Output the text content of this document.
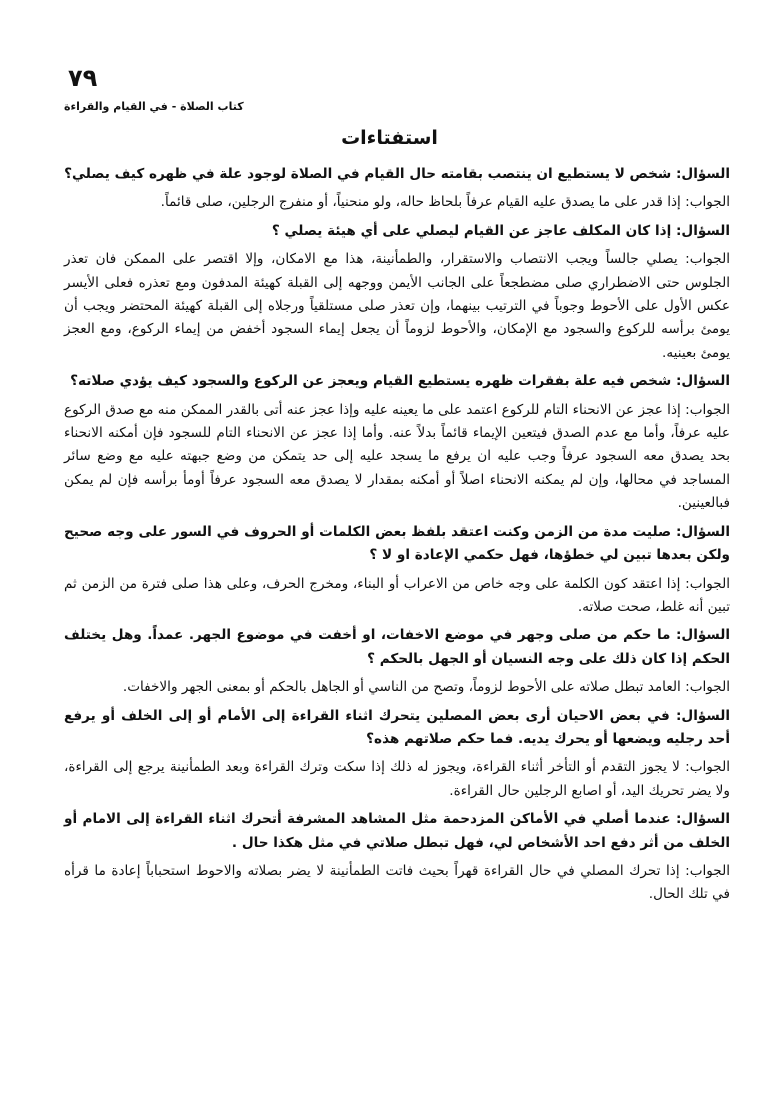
٧٩
كتاب الصلاة - في القيام والقراءة
استفتاءات

السؤال: شخص لا يستطيع ان ينتصب بقامته حال القيام في الصلاة لوجود علة في ظهره كيف يصلي؟

الجواب: إذا قدر على ما يصدق عليه القيام عرفاً بلحاظ حاله، ولو منحنياً، أو منفرج الرجلين، صلى قائماً.

السؤال: إذا كان المكلف عاجز عن القيام ليصلي على أي هيئة يصلي ؟

الجواب: يصلي جالساً ويجب الانتصاب والاستقرار، والطمأنينة، هذا مع الامكان، وإلا اقتصر على الممكن فان تعذر الجلوس حتى الاضطراري صلى مضطجعاً على الجانب الأيمن ووجهه إلى القبلة كهيئة المدفون ومع تعذره فعلى الأيسر عكس الأول على الأحوط وجوباً في الترتيب بينهما، وإن تعذر صلى مستلقياً ورجلاه إلى القبلة كهيئة المحتضر ويجب أن يومئ برأسه للركوع والسجود مع الإمكان، والأحوط لزوماً أن يجعل إيماء السجود أخفض من إيماء الركوع، ومع العجز يومئ بعينيه.

السؤال: شخص فيه علة بفقرات ظهره يستطيع القيام ويعجز عن الركوع والسجود كيف يؤدي صلاته؟

الجواب: إذا عجز عن الانحناء التام للركوع اعتمد على ما يعينه عليه وإذا عجز عنه أتى بالقدر الممكن منه مع صدق الركوع عليه عرفاً، وأما مع عدم الصدق فيتعين الإيماء قائماً بدلاً عنه. وأما إذا عجز عن الانحناء التام للسجود فإن أمكنه الانحناء بحد يصدق معه السجود عرفاً وجب عليه ان يرفع ما يسجد عليه إلى حد يتمكن من وضع جبهته عليه مع وضع سائر المساجد في محالها، وإن لم يمكنه الانحناء اصلاً أو أمكنه بمقدار لا يصدق معه السجود عرفاً أومأ برأسه فإن لم يمكن فبالعينين.

السؤال: صليت مدة من الزمن وكنت اعتقد بلفظ بعض الكلمات أو الحروف في السور على وجه صحيح ولكن بعدها تبين لي خطؤها، فهل حكمي الإعادة او لا ؟

الجواب: إذا اعتقد كون الكلمة على وجه خاص من الاعراب أو البناء، ومخرج الحرف، وعلى هذا صلى فترة من الزمن ثم تبين أنه غلط، صحت صلاته.

السؤال: ما حكم من صلى وجهر في موضع الاخفات، او أخفت في موضوع الجهر. عمداً. وهل يختلف الحكم إذا كان ذلك على وجه النسيان أو الجهل بالحكم ؟

الجواب: العامد تبطل صلاته على الأحوط لزوماً، وتصح من الناسي أو الجاهل بالحكم أو بمعنى الجهر والاخفات.

السؤال: في بعض الاحيان أرى بعض المصلين يتحرك اثناء القراءة إلى الأمام أو إلى الخلف أو يرفع أحد رجليه ويضعها أو يحرك يديه. فما حكم صلاتهم هذه؟

الجواب: لا يجوز التقدم أو التأخر أثناء القراءة، ويجوز له ذلك إذا سكت وترك القراءة وبعد الطمأنينة يرجع إلى القراءة، ولا يضر تحريك اليد، أو اصابع الرجلين حال القراءة.

السؤال: عندما أصلي في الأماكن المزدحمة مثل المشاهد المشرفة أتحرك اثناء القراءة إلى الامام أو الخلف من أثر دفع احد الأشخاص لي، فهل تبطل صلاتي في مثل هكذا حال .

الجواب: إذا تحرك المصلي في حال القراءة قهراً بحيث فاتت الطمأنينة لا يضر بصلاته والاحوط استحباباً إعادة ما قرأه في تلك الحال.
